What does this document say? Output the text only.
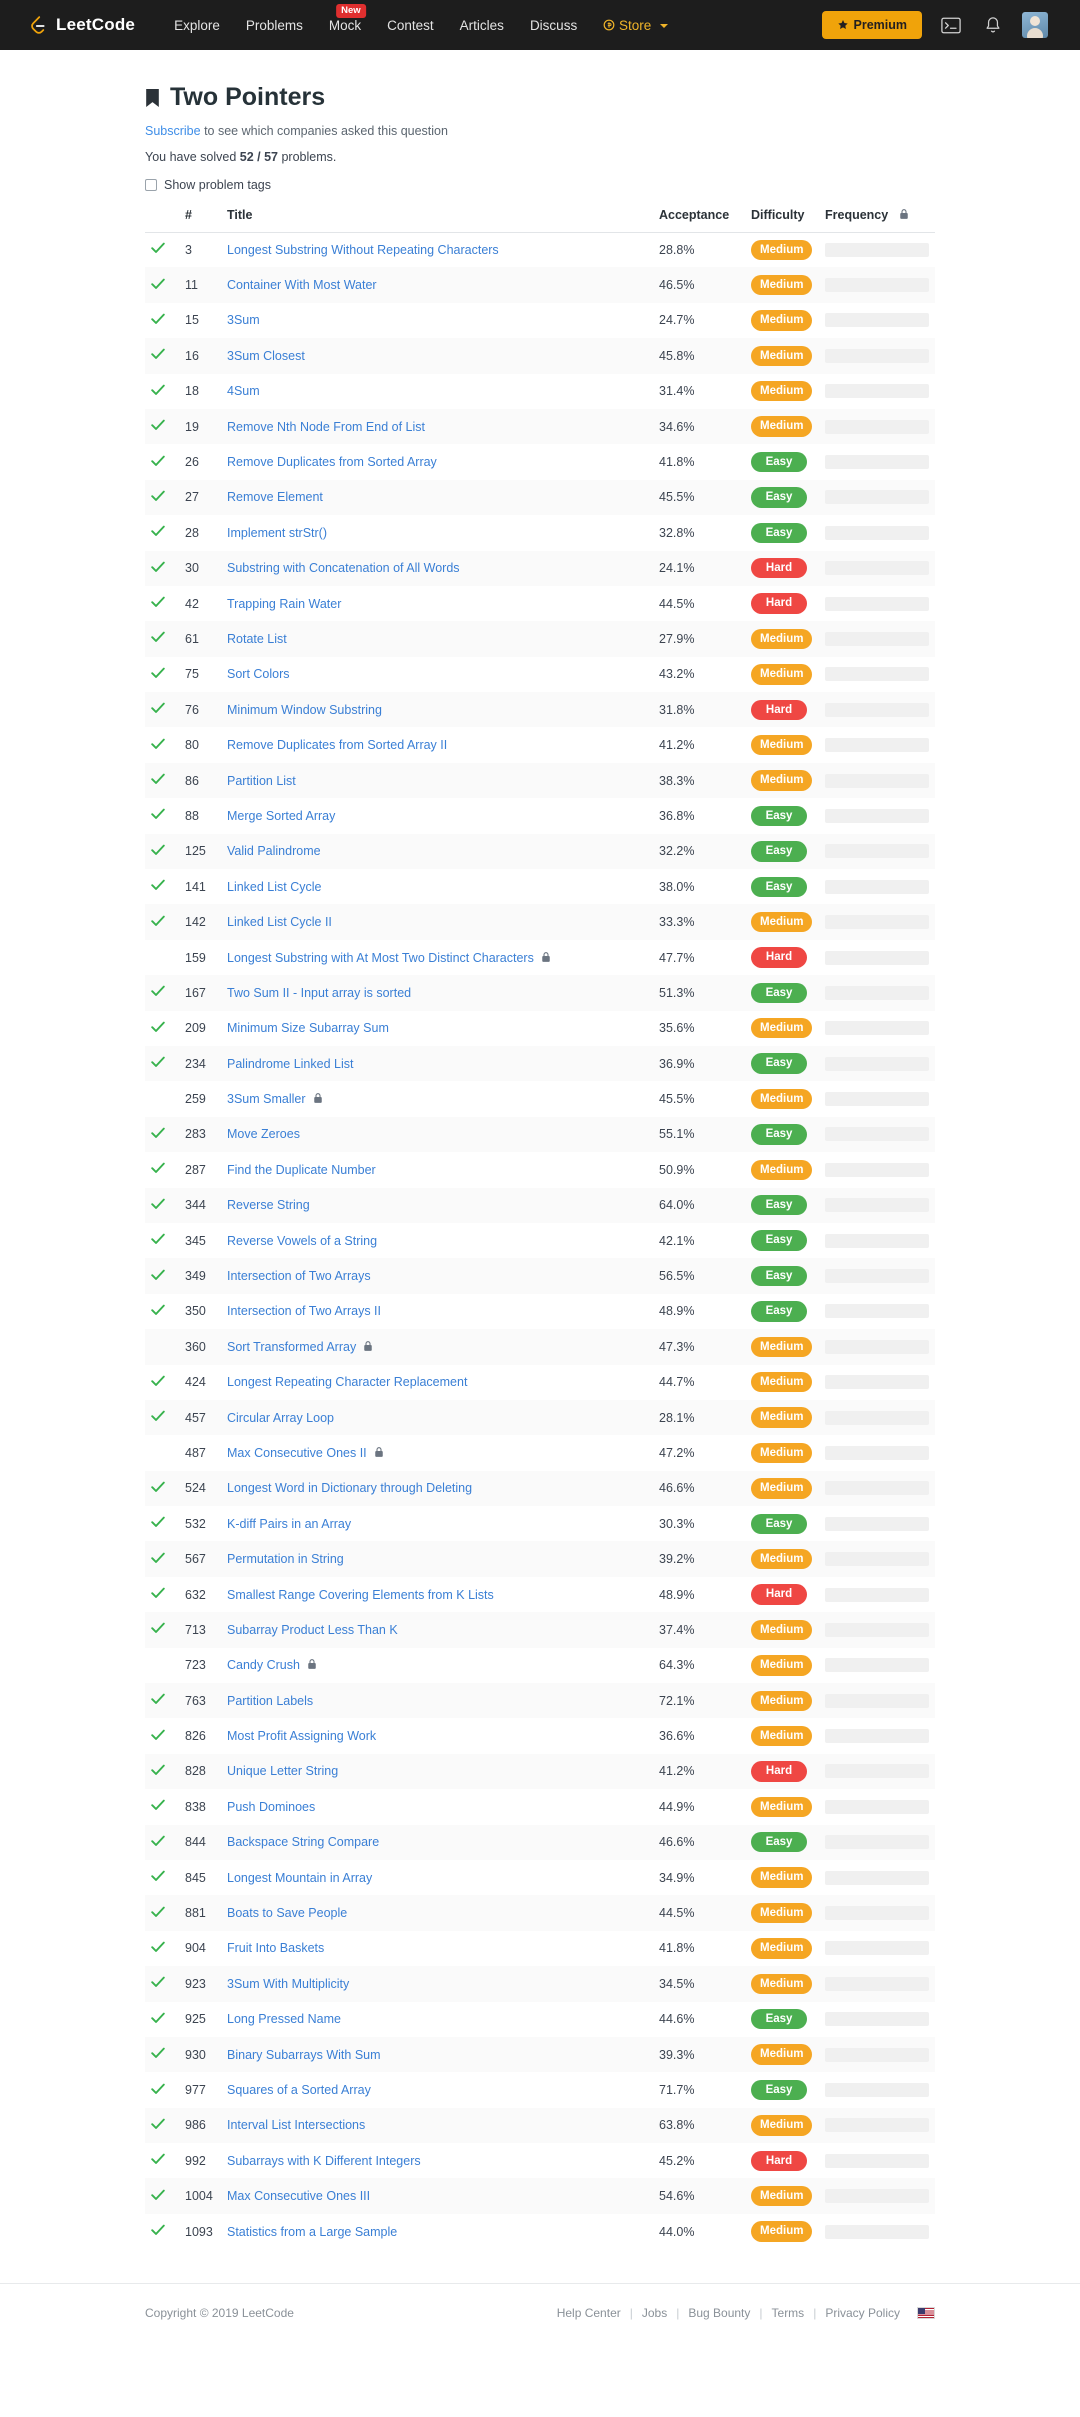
LeetCode	Explore	Problems
New
Mock	Contest	Articles	Discuss	Store	Premium
Two Pointers
Subscribe to see which companies asked this question
You have solved 52 / 57 problems.
Show problem tags
	#	Title	Acceptance	Difficulty	Frequency
	3	Longest Substring Without Repeating Characters	28.8%	Medium	

	11	Container With Most Water	46.5%	Medium	

	15	3Sum	24.7%	Medium	

	16	3Sum Closest	45.8%	Medium	

	18	4Sum	31.4%	Medium	

	19	Remove Nth Node From End of List	34.6%	Medium	

	26	Remove Duplicates from Sorted Array	41.8%	Easy	

	27	Remove Element	45.5%	Easy	

	28	Implement strStr()	32.8%	Easy	

	30	Substring with Concatenation of All Words	24.1%	Hard	

	42	Trapping Rain Water	44.5%	Hard	

	61	Rotate List	27.9%	Medium	

	75	Sort Colors	43.2%	Medium	

	76	Minimum Window Substring	31.8%	Hard	

	80	Remove Duplicates from Sorted Array II	41.2%	Medium	

	86	Partition List	38.3%	Medium	

	88	Merge Sorted Array	36.8%	Easy	

	125	Valid Palindrome	32.2%	Easy	

	141	Linked List Cycle	38.0%	Easy	

	142	Linked List Cycle II	33.3%	Medium	

	159	Longest Substring with At Most Two Distinct Characters	47.7%	Hard	

	167	Two Sum II - Input array is sorted	51.3%	Easy	

	209	Minimum Size Subarray Sum	35.6%	Medium	

	234	Palindrome Linked List	36.9%	Easy	

	259	3Sum Smaller	45.5%	Medium	

	283	Move Zeroes	55.1%	Easy	

	287	Find the Duplicate Number	50.9%	Medium	

	344	Reverse String	64.0%	Easy	

	345	Reverse Vowels of a String	42.1%	Easy	

	349	Intersection of Two Arrays	56.5%	Easy	

	350	Intersection of Two Arrays II	48.9%	Easy	

	360	Sort Transformed Array	47.3%	Medium	

	424	Longest Repeating Character Replacement	44.7%	Medium	

	457	Circular Array Loop	28.1%	Medium	

	487	Max Consecutive Ones II	47.2%	Medium	

	524	Longest Word in Dictionary through Deleting	46.6%	Medium	

	532	K-diff Pairs in an Array	30.3%	Easy	

	567	Permutation in String	39.2%	Medium	

	632	Smallest Range Covering Elements from K Lists	48.9%	Hard	

	713	Subarray Product Less Than K	37.4%	Medium	

	723	Candy Crush	64.3%	Medium	

	763	Partition Labels	72.1%	Medium	

	826	Most Profit Assigning Work	36.6%	Medium	

	828	Unique Letter String	41.2%	Hard	

	838	Push Dominoes	44.9%	Medium	

	844	Backspace String Compare	46.6%	Easy	

	845	Longest Mountain in Array	34.9%	Medium	

	881	Boats to Save People	44.5%	Medium	

	904	Fruit Into Baskets	41.8%	Medium	

	923	3Sum With Multiplicity	34.5%	Medium	

	925	Long Pressed Name	44.6%	Easy	

	930	Binary Subarrays With Sum	39.3%	Medium	

	977	Squares of a Sorted Array	71.7%	Easy	

	986	Interval List Intersections	63.8%	Medium	

	992	Subarrays with K Different Integers	45.2%	Hard	

	1004	Max Consecutive Ones III	54.6%	Medium	

	1093	Statistics from a Large Sample	44.0%	Medium	
Copyright © 2019 LeetCode	Help Center | Jobs | Bug Bounty | Terms | Privacy Policy
